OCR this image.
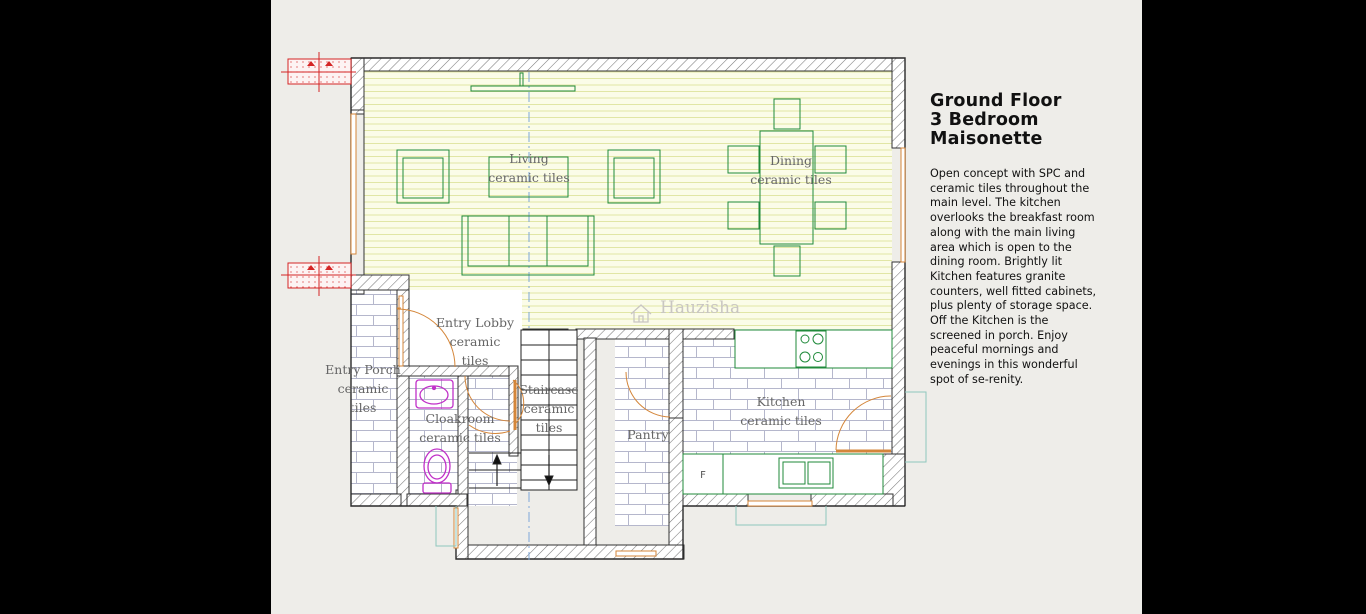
Living
ceramic tiles
Dining
ceramic tiles
Entry Lobby
ceramic
tiles
Entry Porch
ceramic
tiles
Cloakroom
ceramic tiles
Staircase
ceramic
tiles	Pantry
Kitchen
ceramic tiles
F
Hauzisha
Ground Floor
3 Bedroom
Maisonette

Open concept with SPC and ceramic tiles throughout the main level. The kitchen overlooks the breakfast room along with the main living area which is open to the dining room. Brightly lit Kitchen features granite counters, well fitted cabinets, plus plenty of storage space. Off the Kitchen is the screened in porch. Enjoy peaceful mornings and evenings in this wonderful spot of se-renity.
